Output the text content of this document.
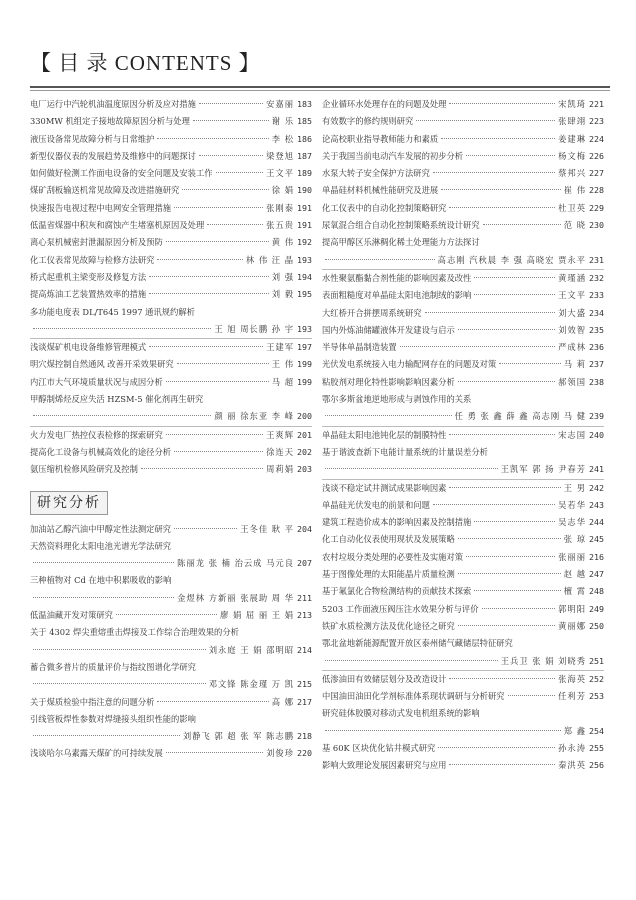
【 目 录 CONTENTS 】
电厂运行中汽轮机油温度原因分析及应对措施	安嘉丽 183
330MW 机组定子接地故障原因分析与处理	谢 乐 185
液压设备常见故障分析与日常维护	李 松 186
新型仪器仪表的发展趋势及维修中的问题探讨	梁登旭 187
如何做好检测工作面电设备的安全问题及安装工作	王文平 189
煤矿刮板输送机常见故障及改进措施研究	徐 娟 190
快速报告电视过程中电网安全管理措施	张刚泰 191
低温省煤器中积灰和腐蚀产生堵塞机原因及处理	张五贵 191
离心泵机械密封泄漏原因分析及预防	黄 伟 192
化工仪表常见故障与检修方法研究	林 伟 汪 晶 193
桥式起重机主梁变形及修复方法	刘 强 194
提高炼油工艺装置热效率的措施	刘 毅 195
多功能电度表 DL/T645 1997 通讯规约解析
王 旭 周长鹏 孙 宇 193
浅谈煤矿机电设备维修管理模式	王建军 197
明穴煤控制自然通风 改善开采效果研究	王 伟 199
内江市大气环境质量状况与成因分析	马 超 199
甲醇制烯烃反应失活 HZSM-5 催化剂再生研究
颜 丽 徐东亚 李 峰 200
火力发电厂热控仪表检修的探索研究	王爽辉 201
提高化工设备与机械高效化的途径分析	徐连天 202
氨压缩机检修风险研究及控制	周莉娟 203
研究分析
加油站乙醇汽油中甲醇定性法测定研究	王冬佳 耿 平 204
天然资料理化太阳电池光谱光学法研究
陈丽龙 张 楠 治云成 马元良 207
三种植物对 Cd 在地中积累吸收的影响
金煜林 方新丽 张展助 周 华 211
低温油藏开发对策研究	廖 娟 屈 丽 王 娟 213
关于 4302 焊尖重熔重击焊接及工作综合治理效果的分析
刘永庭 王 娟 邵明昭 214
蓄合微多普片的质量评价与指纹图谱化学研究
邓文锋 陈金瑾 万 凯 215
关于煤质检验中指注意的问题分析	高 娜 217
引线管板焊性参数对焊缝接头组织性能的影响
刘静飞 郭 超 张 军 陈志鹏 218
浅谈哈尔乌素露天煤矿的可持续发展	刘俊珍 220
企业循环水处理存在的问题及处理	宋凯琦 221
有效数字的修约规则研究	张肆翊 223
论高校职业指导教师能力和素质	姜建琳 224
关于我国当前电动汽车发展的初步分析	杨文梅 226
水泵大转子安全保护方法研究	蔡邦兴 227
单晶硅材料机械性能研究及进展	崔 伟 228
化工仪表中的自动化控制策略研究	杜卫英 229
尿氧混合组合自动化控制策略系统设计研究	范 晓 230
提高甲醇区乐淋稠化稀土处理能力方法探讨
高志刚 汽秋晨 李 强 高晓宏 贾永平 231
水性聚氨酯黏合剂性能的影响因素及改性	黄瑾涵 232
表面粗糙度对单晶硅太阳电池制绒的影响	王文平 233
大红桥开合拼摆周系统研究	刘大盛 234
国内外炼油储罐液体开发建设与启示	刘效智 235
半导体单晶制造装置	严成林 236
光伏发电系统接入电力输配网存在的问题及对策	马 莉 237
粘胶剂对理化特性影响影响因素分析	郝领国 238
鄂尔多斯盆地逆地形成与剥蚀作用的关系
任 勇 张 鑫 薛 鑫 高志刚 马 健 239
单晶硅太阳电池钝化层的制膜特性	宋志国 240
基于谐波查新下电能计量系统的计量误差分析
王凯军 郭 扬 尹春芳 241
浅谈不稳定试井测试成果影响因素	王 男 242
单晶硅光伏发电的前景和问题	吴若华 243
建筑工程造价成本的影响因素及控制措施	吴志华 244
化工自动化仪表使用现状及发展策略	张 琼 245
农村垃圾分类处理的必要性及实施对策	张丽丽 216
基于图像处理的太阳能晶片质量检测	赵 越 247
基于氟氯化合物检测结构的贡献技术探索	檀 霄 248
5203 工作面液压阀压注水效果分析与评价	郭明阳 249
铁矿水质检测方法及优化途径之研究	黄丽娜 250
鄂北盆地新能源配置开放区泰州储气藏储层特征研究
王兵卫 张 娟 刘晓秀 251
低渗油田有效储层划分及改造设计	张海英 252
中国油田油田化学剂标准体系现状调研与分析研究	任利芳 253
研究硅体胶膜对移动式发电机组系统的影响
郑 鑫 254
基 60K 区块优化钻井模式研究	孙永涛 255
影响大致理论发展因素研究与应用	秦洪英 256
